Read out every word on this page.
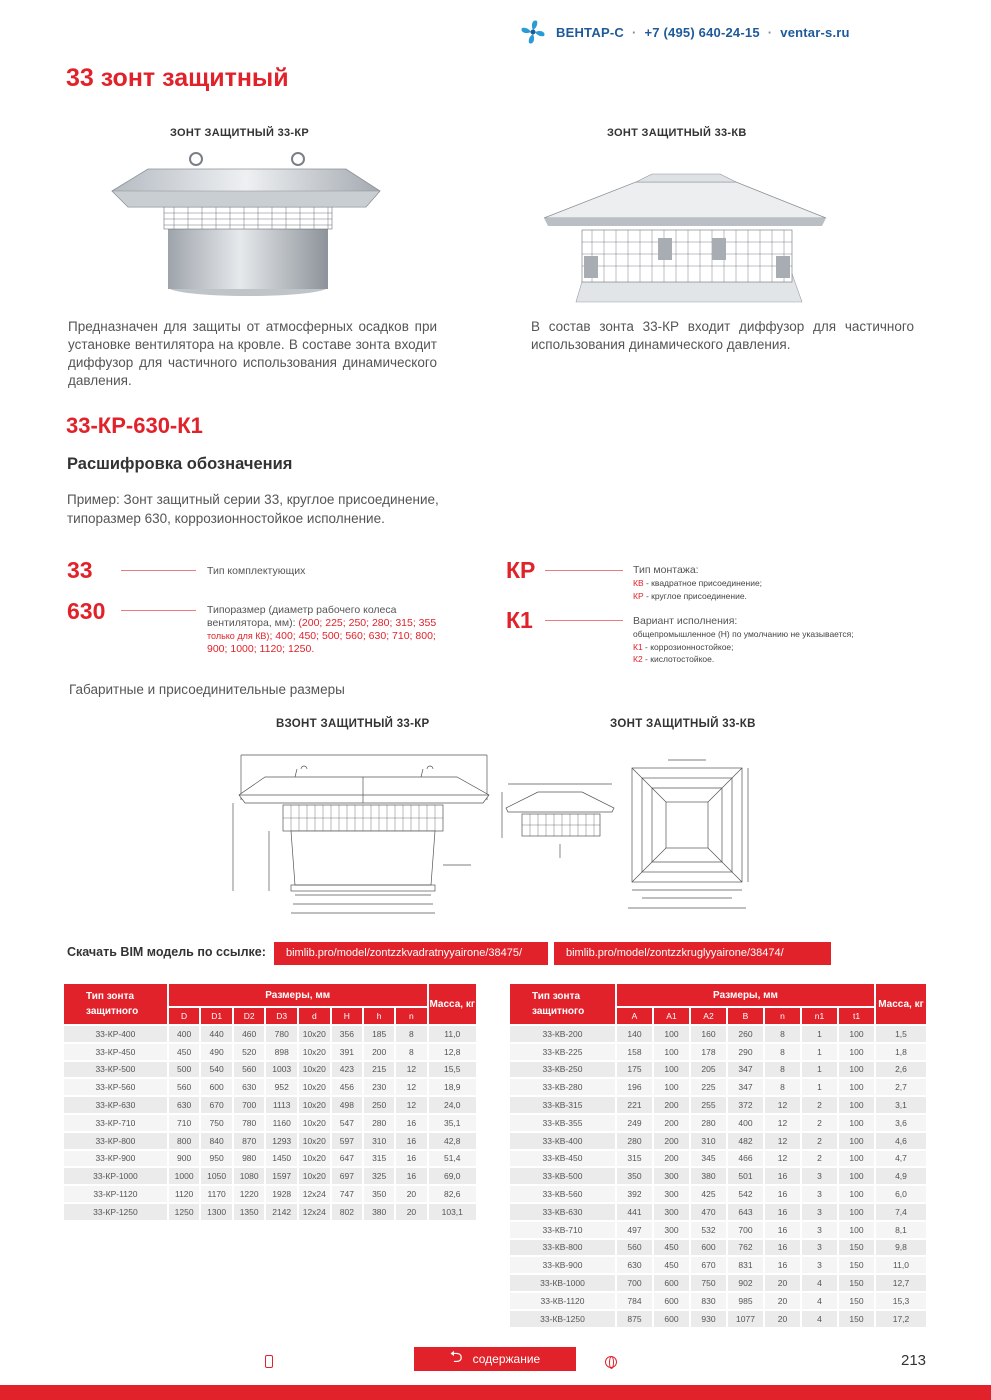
ВЕНТАР-С · +7 (495) 640-24-15 · ventar-s.ru
33 зонт защитный
ЗОНТ ЗАЩИТНЫЙ 33-КР	ЗОНТ ЗАЩИТНЫЙ 33-КВ
Предназначен для защиты от атмосферных осадков при установке вентилятора на кровле. В составе зонта входит диффузор для частичного использования динамического давления.
В состав зонта 33-КР входит диффузор для частичного использования динамического давления.
33-КР-630-К1
Расшифровка обозначения
Пример: Зонт защитный серии 33, круглое присоединение, типоразмер 630, коррозионностойкое исполнение.
33	Тип комплектующих
630	Типоразмер (диаметр рабочего колеса вентилятора, мм): (200; 225; 250; 280; 315; 355 только для КВ); 400; 450; 500; 560; 630; 710; 800; 900; 1000; 1120; 1250.
КР	Тип монтажа:
КВ - квадратное присоединение;
КР - круглое присоединение.
К1	Вариант исполнения:
общепромышленное (Н) по умолчанию не указывается;
К1 - коррозионностойкое;
К2 - кислотостойкое.
Габаритные и присоединительные размеры
ВЗОНТ ЗАЩИТНЫЙ 33-КР	ЗОНТ ЗАЩИТНЫЙ 33-КВ
Скачать BIM модель по ссылке:	bimlib.pro/model/zontzzkvadratnyyairone/38475/	bimlib.pro/model/zontzzkruglyyairone/38474/
Тип зонта защитного	Размеры, мм								Масса, кг
	D	D1	D2	D3	d	H	h	n	
33-КР-400	400	440	460	780	10x20	356	185	8	11,0
33-КР-450	450	490	520	898	10x20	391	200	8	12,8
33-КР-500	500	540	560	1003	10x20	423	215	12	15,5
33-КР-560	560	600	630	952	10x20	456	230	12	18,9
33-КР-630	630	670	700	1113	10x20	498	250	12	24,0
33-КР-710	710	750	780	1160	10x20	547	280	16	35,1
33-КР-800	800	840	870	1293	10x20	597	310	16	42,8
33-КР-900	900	950	980	1450	10x20	647	315	16	51,4
33-КР-1000	1000	1050	1080	1597	10x20	697	325	16	69,0
33-КР-1120	1120	1170	1220	1928	12x24	747	350	20	82,6
33-КР-1250	1250	1300	1350	2142	12x24	802	380	20	103,1
Тип зонта защитного	Размеры, мм							Масса, кг
	A	A1	A2	B	n	n1	t1	
33-КВ-200	140	100	160	260	8	1	100	1,5
33-КВ-225	158	100	178	290	8	1	100	1,8
33-КВ-250	175	100	205	347	8	1	100	2,6
33-КВ-280	196	100	225	347	8	1	100	2,7
33-КВ-315	221	200	255	372	12	2	100	3,1
33-КВ-355	249	200	280	400	12	2	100	3,6
33-КВ-400	280	200	310	482	12	2	100	4,6
33-КВ-450	315	200	345	466	12	2	100	4,7
33-КВ-500	350	300	380	501	16	3	100	4,9
33-КВ-560	392	300	425	542	16	3	100	6,0
33-КВ-630	441	300	470	643	16	3	100	7,4
33-КВ-710	497	300	532	700	16	3	100	8,1
33-КВ-800	560	450	600	762	16	3	150	9,8
33-КВ-900	630	450	670	831	16	3	150	11,0
33-КВ-1000	700	600	750	902	20	4	150	12,7
33-КВ-1120	784	600	830	985	20	4	150	15,3
33-КВ-1250	875	600	930	1077	20	4	150	17,2
⮌ содержание	213
